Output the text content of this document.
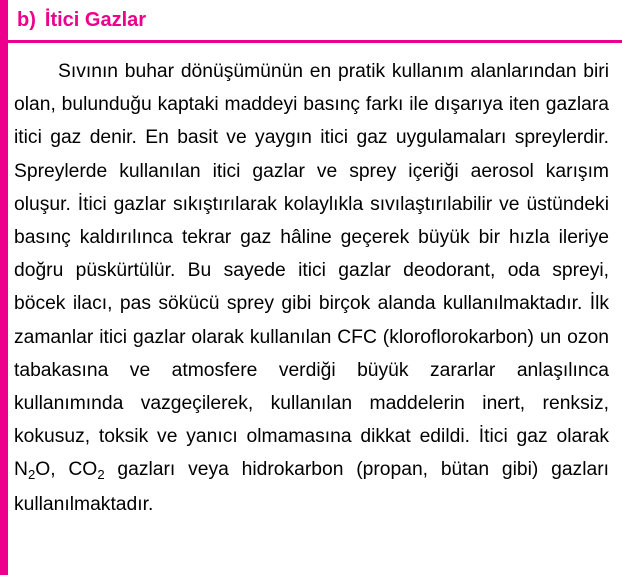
b) İtici Gazlar

Sıvının buhar dönüşümünün en pratik kullanım alanlarından biri olan, bulunduğu kaptaki maddeyi basınç farkı ile dışarıya iten gazlara itici gaz denir. En basit ve yaygın itici gaz uygulamaları spreylerdir. Spreylerde kullanılan itici gazlar ve sprey içeriği aerosol karışım oluşur. İtici gazlar sıkıştırılarak kolaylıkla sıvılaştırılabilir ve üstündeki basınç kaldırılınca tekrar gaz hâline geçerek büyük bir hızla ileriye doğru püskürtülür. Bu sayede itici gazlar deodorant, oda spreyi, böcek ilacı, pas sökücü sprey gibi birçok alanda kullanılmaktadır. İlk zamanlar itici gazlar olarak kullanılan CFC (kloroflorokarbon) un ozon tabakasına ve atmosfere verdiği büyük zararlar anlaşılınca kullanımında vazgeçilerek, kullanılan maddelerin inert, renksiz, kokusuz, toksik ve yanıcı olmamasına dikkat edildi. İtici gaz olarak $N_2O$, $CO_2$ gazları veya hidrokarbon (propan, bütan gibi) gazları kullanılmaktadır.
